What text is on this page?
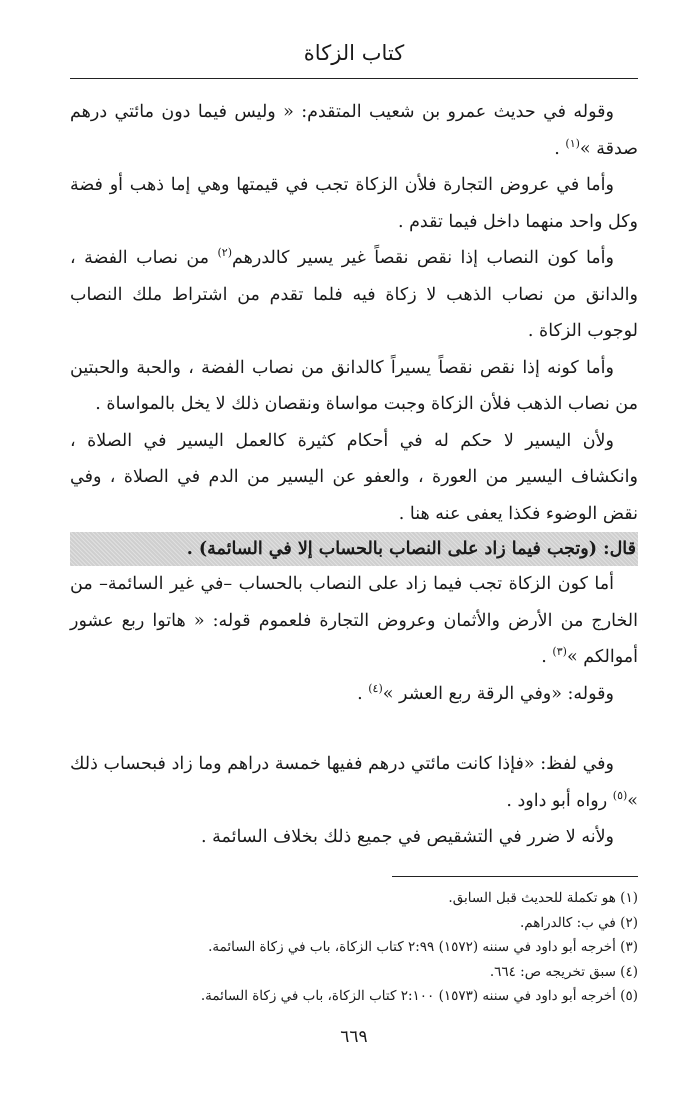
كتاب الزكاة

وقوله في حديث عمرو بن شعيب المتقدم: « وليس فيما دون مائتي درهم صدقة »$^{(١)}$ .

وأما في عروض التجارة فلأن الزكاة تجب في قيمتها وهي إما ذهب أو فضة وكل واحد منهما داخل فيما تقدم .

وأما كون النصاب إذا نقص نقصاً غير يسير كالدرهم$^{(٢)}$ من نصاب الفضة ، والدانق من نصاب الذهب لا زكاة فيه فلما تقدم من اشتراط ملك النصاب لوجوب الزكاة .

وأما كونه إذا نقص نقصاً يسيراً كالدانق من نصاب الفضة ، والحبة والحبتين من نصاب الذهب فلأن الزكاة وجبت مواساة ونقصان ذلك لا يخل بالمواساة .

ولأن اليسير لا حكم له في أحكام كثيرة كالعمل اليسير في الصلاة ، وانكشاف اليسير من العورة ، والعفو عن اليسير من الدم في الصلاة ، وفي نقض الوضوء فكذا يعفى عنه هنا .

قال: (وتجب فيما زاد على النصاب بالحساب إلا في السائمة) .

أما كون الزكاة تجب فيما زاد على النصاب بالحساب –في غير السائمة– من الخارج من الأرض والأثمان وعروض التجارة فلعموم قوله: « هاتوا ربع عشور أموالكم »$^{(٣)}$ .

وقوله: «وفي الرقة ربع العشر »$^{(٤)}$ .

وفي لفظ: «فإذا كانت مائتي درهم ففيها خمسة دراهم وما زاد فبحساب ذلك »$^{(٥)}$ رواه أبو داود .

ولأنه لا ضرر في التشقيص في جميع ذلك بخلاف السائمة .

(١) هو تكملة للحديث قبل السابق.
(٢) في ب: كالدراهم.
(٣) أخرجه أبو داود في سننه (١٥٧٢) ٢:٩٩ كتاب الزكاة، باب في زكاة السائمة.
(٤) سبق تخريجه ص: ٦٦٤.
(٥) أخرجه أبو داود في سننه (١٥٧٣) ٢:١٠٠ كتاب الزكاة، باب في زكاة السائمة.
٦٦٩
